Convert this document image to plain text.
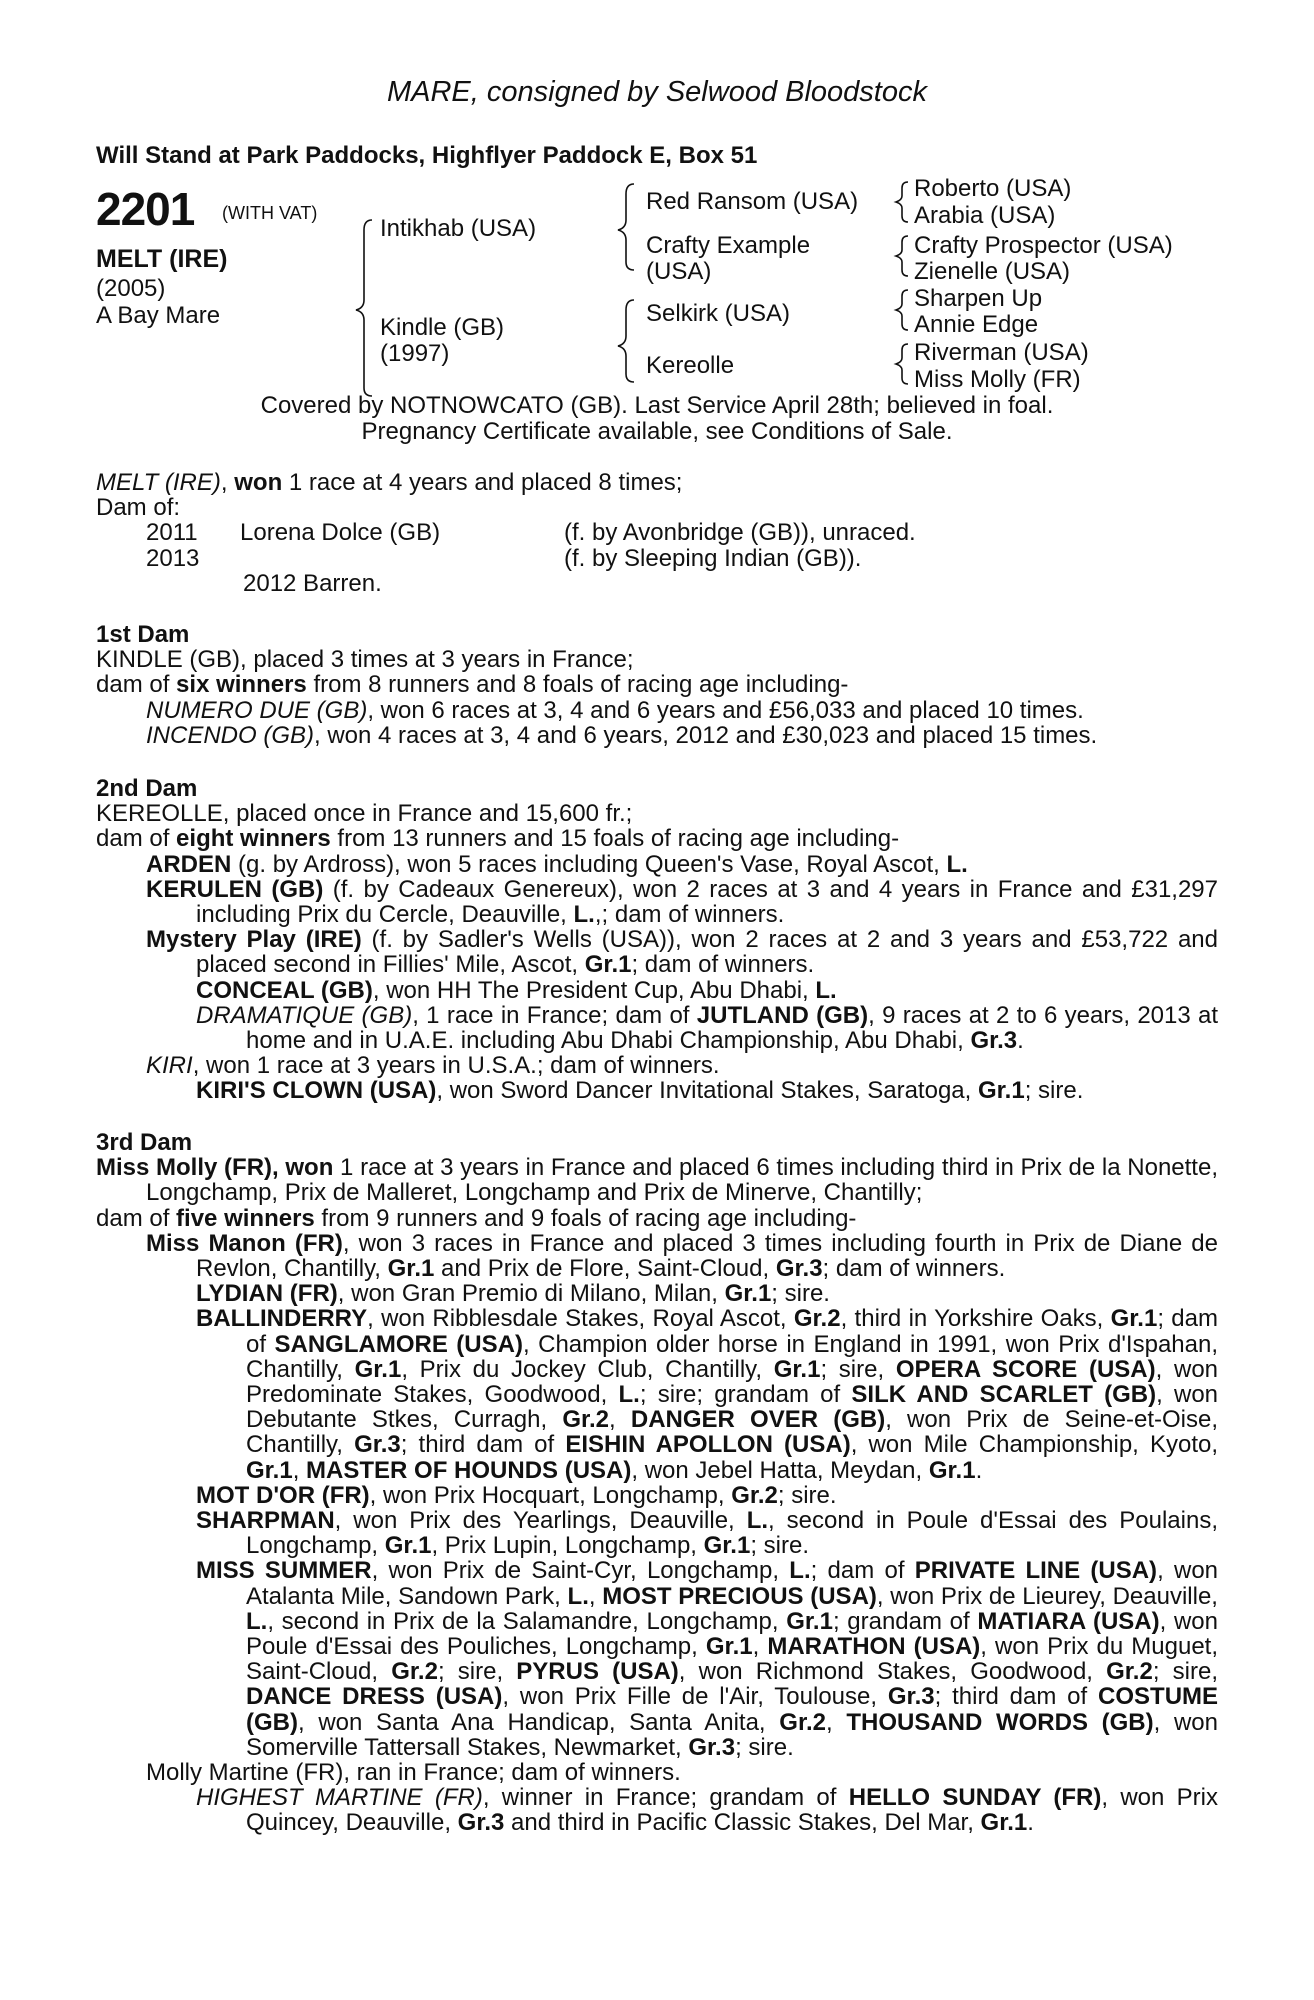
MARE, consigned by Selwood Bloodstock
Will Stand at Park Paddocks, Highflyer Paddock E, Box 51
2201 (WITH VAT)
MELT (IRE)
(2005)
A Bay Mare
Intikhab (USA)
Kindle (GB)
(1997)
Red Ransom (USA)
Crafty Example
(USA)
Selkirk (USA)
Kereolle
Roberto (USA)
Arabia (USA)
Crafty Prospector (USA)
Zienelle (USA)
Sharpen Up
Annie Edge
Riverman (USA)
Miss Molly (FR)
Covered by NOTNOWCATO (GB). Last Service April 28th; believed in foal.
Pregnancy Certificate available, see Conditions of Sale.

MELT (IRE), won 1 race at 4 years and placed 8 times;

Dam of:

2011	Lorena Dolce (GB)	(f. by Avonbridge (GB)), unraced.
2013		(f. by Sleeping Indian (GB)).

2012 Barren.

1st Dam

KINDLE (GB), placed 3 times at 3 years in France;

dam of six winners from 8 runners and 8 foals of racing age including-

NUMERO DUE (GB), won 6 races at 3, 4 and 6 years and £56,033 and placed 10 times.

INCENDO (GB), won 4 races at 3, 4 and 6 years, 2012 and £30,023 and placed 15 times.

2nd Dam

KEREOLLE, placed once in France and 15,600 fr.;

dam of eight winners from 13 runners and 15 foals of racing age including-

ARDEN (g. by Ardross), won 5 races including Queen's Vase, Royal Ascot, L.

KERULEN (GB) (f. by Cadeaux Genereux), won 2 races at 3 and 4 years in France and £31,297 including Prix du Cercle, Deauville, L.,; dam of winners.

Mystery Play (IRE) (f. by Sadler's Wells (USA)), won 2 races at 2 and 3 years and £53,722 and placed second in Fillies' Mile, Ascot, Gr.1; dam of winners.

CONCEAL (GB), won HH The President Cup, Abu Dhabi, L.

DRAMATIQUE (GB), 1 race in France; dam of JUTLAND (GB), 9 races at 2 to 6 years, 2013 at home and in U.A.E. including Abu Dhabi Championship, Abu Dhabi, Gr.3.

KIRI, won 1 race at 3 years in U.S.A.; dam of winners.

KIRI'S CLOWN (USA), won Sword Dancer Invitational Stakes, Saratoga, Gr.1; sire.

3rd Dam

Miss Molly (FR), won 1 race at 3 years in France and placed 6 times including third in Prix de la Nonette, Longchamp, Prix de Malleret, Longchamp and Prix de Minerve, Chantilly;

dam of five winners from 9 runners and 9 foals of racing age including-

Miss Manon (FR), won 3 races in France and placed 3 times including fourth in Prix de Diane de Revlon, Chantilly, Gr.1 and Prix de Flore, Saint-Cloud, Gr.3; dam of winners.

LYDIAN (FR), won Gran Premio di Milano, Milan, Gr.1; sire.

BALLINDERRY, won Ribblesdale Stakes, Royal Ascot, Gr.2, third in Yorkshire Oaks, Gr.1; dam of SANGLAMORE (USA), Champion older horse in England in 1991, won Prix d'Ispahan, Chantilly, Gr.1, Prix du Jockey Club, Chantilly, Gr.1; sire, OPERA SCORE (USA), won Predominate Stakes, Goodwood, L.; sire; grandam of SILK AND SCARLET (GB), won Debutante Stkes, Curragh, Gr.2, DANGER OVER (GB), won Prix de Seine-et-Oise, Chantilly, Gr.3; third dam of EISHIN APOLLON (USA), won Mile Championship, Kyoto, Gr.1, MASTER OF HOUNDS (USA), won Jebel Hatta, Meydan, Gr.1.

MOT D'OR (FR), won Prix Hocquart, Longchamp, Gr.2; sire.

SHARPMAN, won Prix des Yearlings, Deauville, L., second in Poule d'Essai des Poulains, Longchamp, Gr.1, Prix Lupin, Longchamp, Gr.1; sire.

MISS SUMMER, won Prix de Saint-Cyr, Longchamp, L.; dam of PRIVATE LINE (USA), won Atalanta Mile, Sandown Park, L., MOST PRECIOUS (USA), won Prix de Lieurey, Deauville, L., second in Prix de la Salamandre, Longchamp, Gr.1; grandam of MATIARA (USA), won Poule d'Essai des Pouliches, Longchamp, Gr.1, MARATHON (USA), won Prix du Muguet, Saint-Cloud, Gr.2; sire, PYRUS (USA), won Richmond Stakes, Goodwood, Gr.2; sire, DANCE DRESS (USA), won Prix Fille de l'Air, Toulouse, Gr.3; third dam of COSTUME (GB), won Santa Ana Handicap, Santa Anita, Gr.2, THOUSAND WORDS (GB), won Somerville Tattersall Stakes, Newmarket, Gr.3; sire.

Molly Martine (FR), ran in France; dam of winners.

HIGHEST MARTINE (FR), winner in France; grandam of HELLO SUNDAY (FR), won Prix Quincey, Deauville, Gr.3 and third in Pacific Classic Stakes, Del Mar, Gr.1.
